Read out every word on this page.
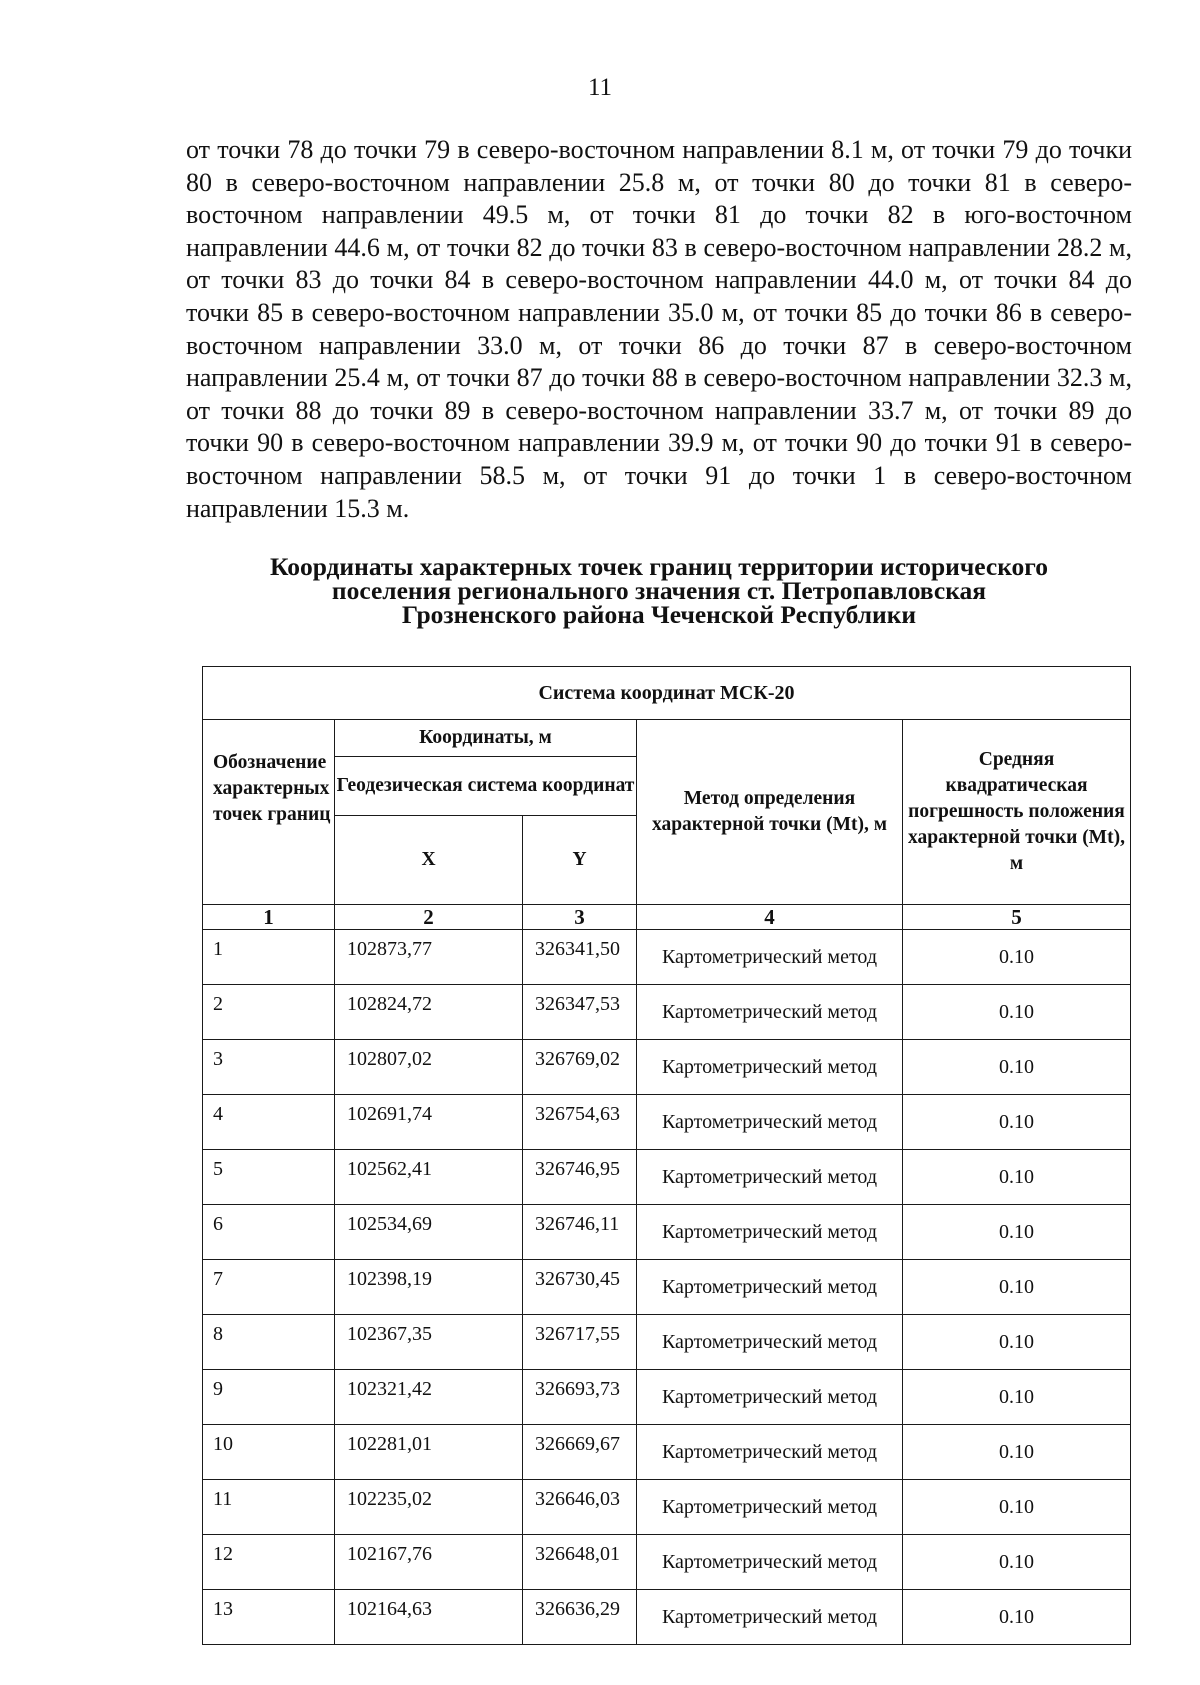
11

от точки 78 до точки 79 в северо-восточном направлении 8.1 м, от точки 79 до точки 80 в северо-восточном направлении 25.8 м, от точки 80 до точки 81 в северо-восточном направлении 49.5 м, от точки 81 до точки 82 в юго-восточном направлении 44.6 м, от точки 82 до точки 83 в северо-восточном направлении 28.2 м, от точки 83 до точки 84 в северо-восточном направлении 44.0 м, от точки 84 до точки 85 в северо-восточном направлении 35.0 м, от точки 85 до точки 86 в северо-восточном направлении 33.0 м, от точки 86 до точки 87 в северо-восточном направлении 25.4 м, от точки 87 до точки 88 в северо-восточном направлении 32.3 м, от точки 88 до точки 89 в северо-восточном направлении 33.7 м, от точки 89 до точки 90 в северо-восточном направлении 39.9 м, от точки 90 до точки 91 в северо-восточном направлении 58.5 м, от точки 91 до точки 1 в северо-восточном направлении 15.3 м.

Координаты характерных точек границ территории исторического
поселения регионального значения ст. Петропавловская
Грозненского района Чеченской Республики
Система координат МСК-20				
Обозначение характерных точек границ	Координаты, м		Метод определения характерной точки (Mt), м	Средняя квадратическая погрешность положения характерной точки (Mt), м
	Геодезическая система координат			
	X	Y		
1	2	3	4	5
1	102873,77	326341,50	Картометрический метод	0.10
2	102824,72	326347,53	Картометрический метод	0.10
3	102807,02	326769,02	Картометрический метод	0.10
4	102691,74	326754,63	Картометрический метод	0.10
5	102562,41	326746,95	Картометрический метод	0.10
6	102534,69	326746,11	Картометрический метод	0.10
7	102398,19	326730,45	Картометрический метод	0.10
8	102367,35	326717,55	Картометрический метод	0.10
9	102321,42	326693,73	Картометрический метод	0.10
10	102281,01	326669,67	Картометрический метод	0.10
11	102235,02	326646,03	Картометрический метод	0.10
12	102167,76	326648,01	Картометрический метод	0.10
13	102164,63	326636,29	Картометрический метод	0.10
